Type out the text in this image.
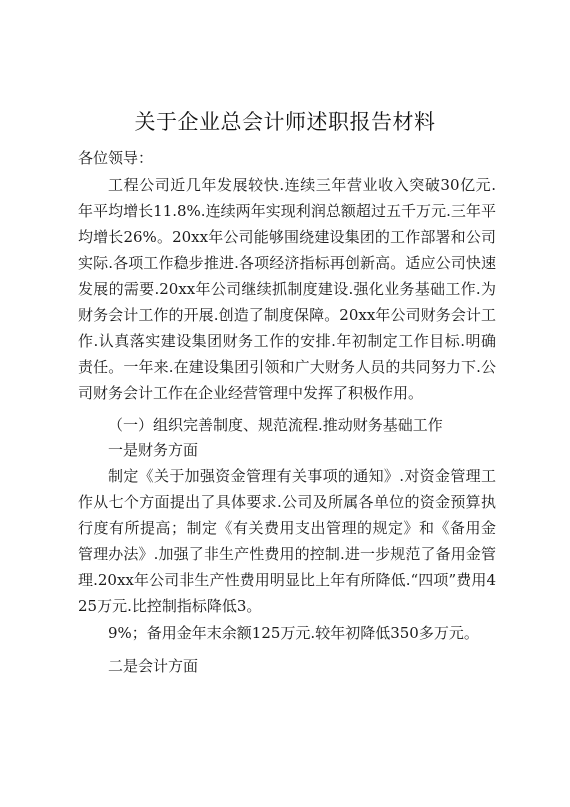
关于企业总会计师述职报告材料

各位领导：

工程公司近几年发展较快.连续三年营业收入突破30亿元.年平均增长11.8%.连续两年实现利润总额超过五千万元.三年平均增长26%。20xx年公司能够围绕建设集团的工作部署和公司实际.各项工作稳步推进.各项经济指标再创新高。适应公司快速发展的需要.20xx年公司继续抓制度建设.强化业务基础工作.为财务会计工作的开展.创造了制度保障。20xx年公司财务会计工作.认真落实建设集团财务工作的安排.年初制定工作目标.明确责任。一年来.在建设集团引领和广大财务人员的共同努力下.公司财务会计工作在企业经营管理中发挥了积极作用。

（一）组织完善制度、规范流程.推动财务基础工作

一是财务方面

制定《关于加强资金管理有关事项的通知》.对资金管理工作从七个方面提出了具体要求.公司及所属各单位的资金预算执行度有所提高；制定《有关费用支出管理的规定》和《备用金管理办法》.加强了非生产性费用的控制.进一步规范了备用金管理.20xx年公司非生产性费用明显比上年有所降低.“四项”费用425万元.比控制指标降低3。

9%；备用金年末余额125万元.较年初降低350多万元。

二是会计方面
